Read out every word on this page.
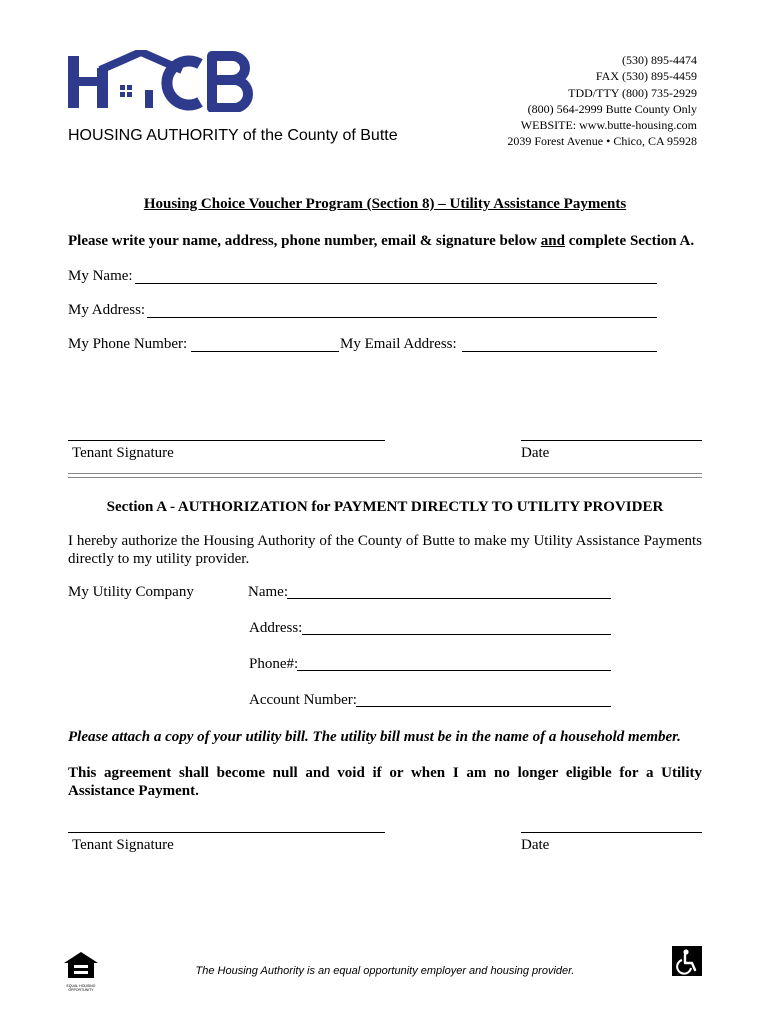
HOUSING AUTHORITY of the County of Butte
(530) 895-4474
FAX (530) 895-4459
TDD/TTY (800) 735-2929
(800) 564-2999 Butte County Only
WEBSITE: www.butte-housing.com
2039 Forest Avenue • Chico, CA 95928
Housing Choice Voucher Program (Section 8) – Utility Assistance Payments
Please write your name, address, phone number, email & signature below and complete Section A.
My Name:
My Address:
My Phone Number:	My Email Address:
Tenant Signature	Date
Section A - AUTHORIZATION for PAYMENT DIRECTLY TO UTILITY PROVIDER
I hereby authorize the Housing Authority of the County of Butte to make my Utility Assistance Payments directly to my utility provider.
My Utility Company	Name:
Address:
Phone#:
Account Number:
Please attach a copy of your utility bill. The utility bill must be in the name of a household member.
This agreement shall become null and void if or when I am no longer eligible for a Utility Assistance Payment.
Tenant Signature	Date
EQUAL HOUSING OPPORTUNITY
The Housing Authority is an equal opportunity employer and housing provider.
